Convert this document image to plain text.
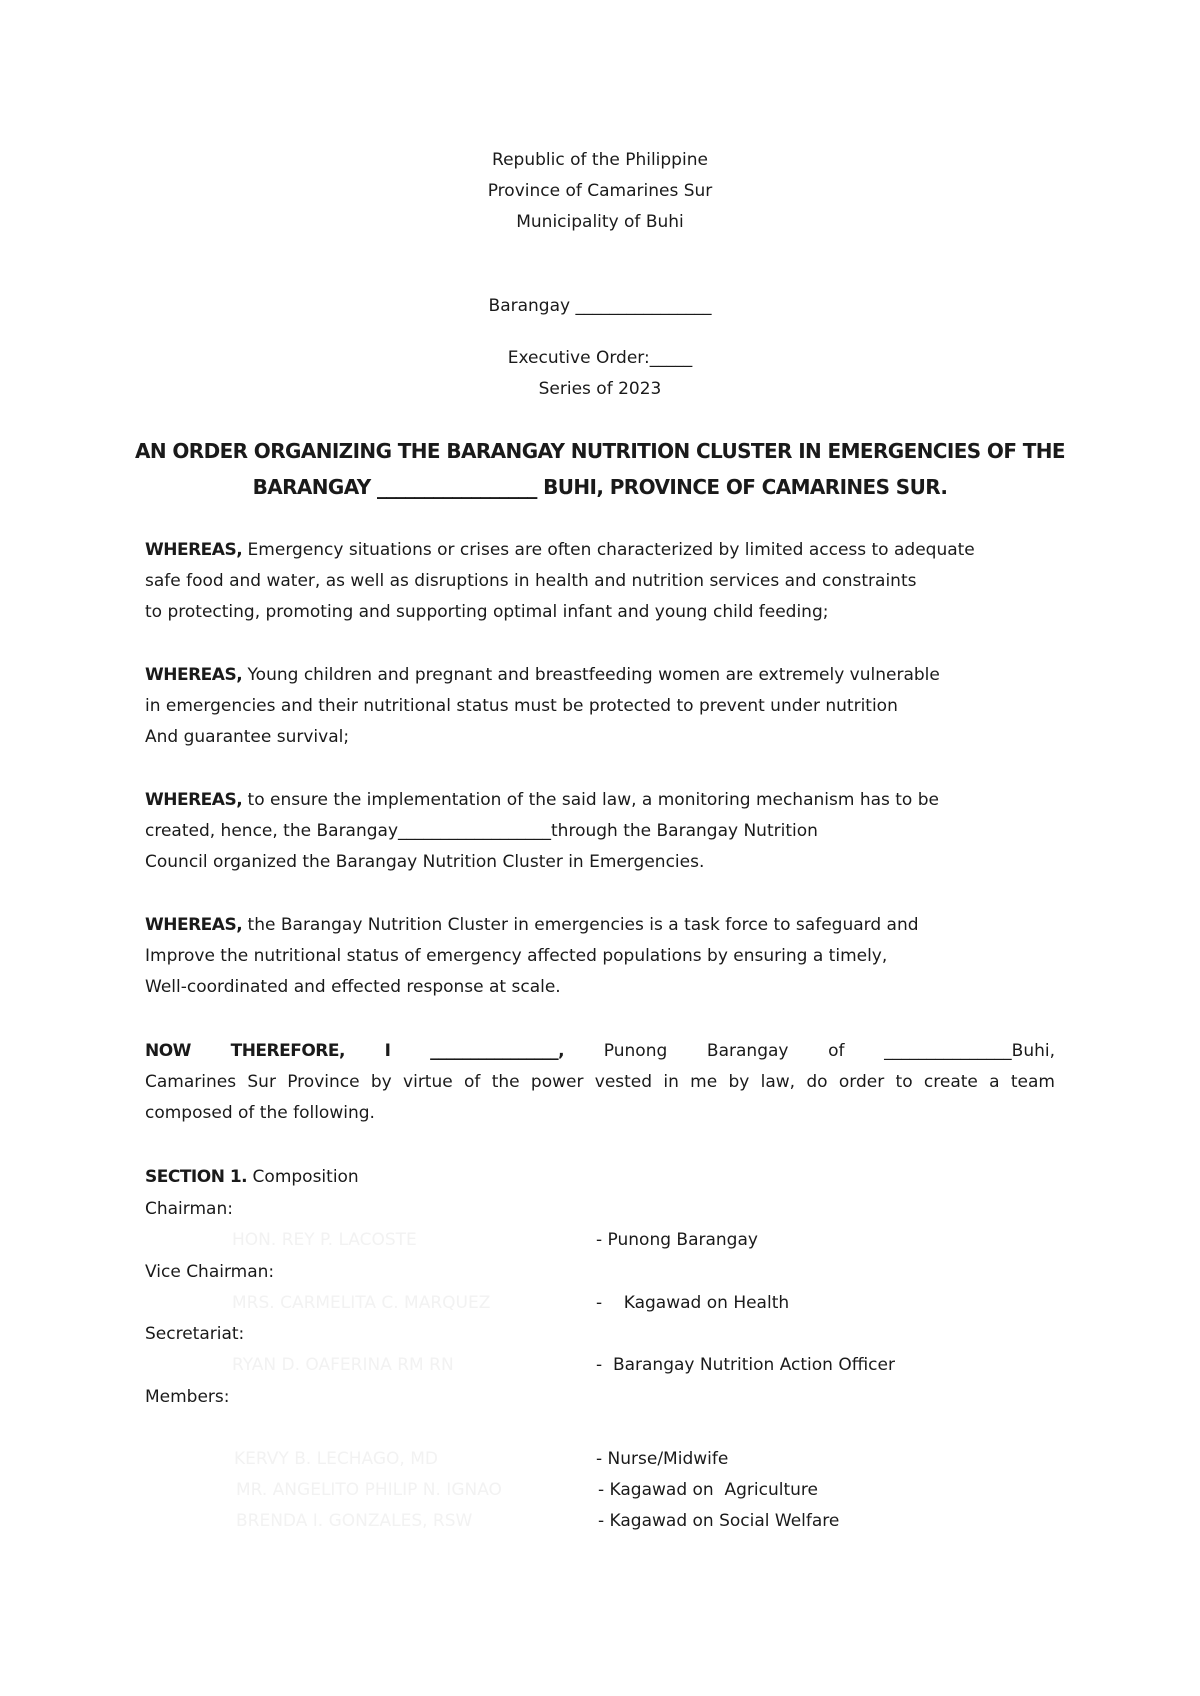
Republic of the Philippine
Province of Camarines Sur
Municipality of Buhi
Barangay ________________
Executive Order:_____
Series of 2023
AN ORDER ORGANIZING THE BARANGAY NUTRITION CLUSTER IN EMERGENCIES OF THE
BARANGAY _________________ BUHI, PROVINCE OF CAMARINES SUR.
WHEREAS, Emergency situations or crises are often characterized by limited access to adequate
safe food and water, as well as disruptions in health and nutrition services and constraints
to protecting, promoting and supporting optimal infant and young child feeding;
WHEREAS, Young children and pregnant and breastfeeding women are extremely vulnerable
in emergencies and their nutritional status must be protected to prevent under nutrition
And guarantee survival;
WHEREAS, to ensure the implementation of the said law, a monitoring mechanism has to be
created, hence, the Barangay__________________through the Barangay Nutrition
Council organized the Barangay Nutrition Cluster in Emergencies.
WHEREAS, the Barangay Nutrition Cluster in emergencies is a task force to safeguard and
Improve the nutritional status of emergency affected populations by ensuring a timely,
Well-coordinated and effected response at scale.
NOW THEREFORE, I ________________, Punong Barangay of _______________Buhi,
Camarines Sur Province by virtue of the power vested in me by law, do order to create a team
composed of the following.
SECTION 1. Composition
Chairman:
HON. REY P. LACOSTE	- Punong Barangay
Vice Chairman:
MRS. CARMELITA C. MARQUEZ	-    Kagawad on Health
Secretariat:
RYAN D. OAFERINA RM RN	-  Barangay Nutrition Action Officer
Members:
KERVY B. LECHAGO, MD	- Nurse/Midwife
MR. ANGELITO PHILIP N. IGNAO	- Kagawad on  Agriculture
BRENDA I. GONZALES, RSW	- Kagawad on Social Welfare
